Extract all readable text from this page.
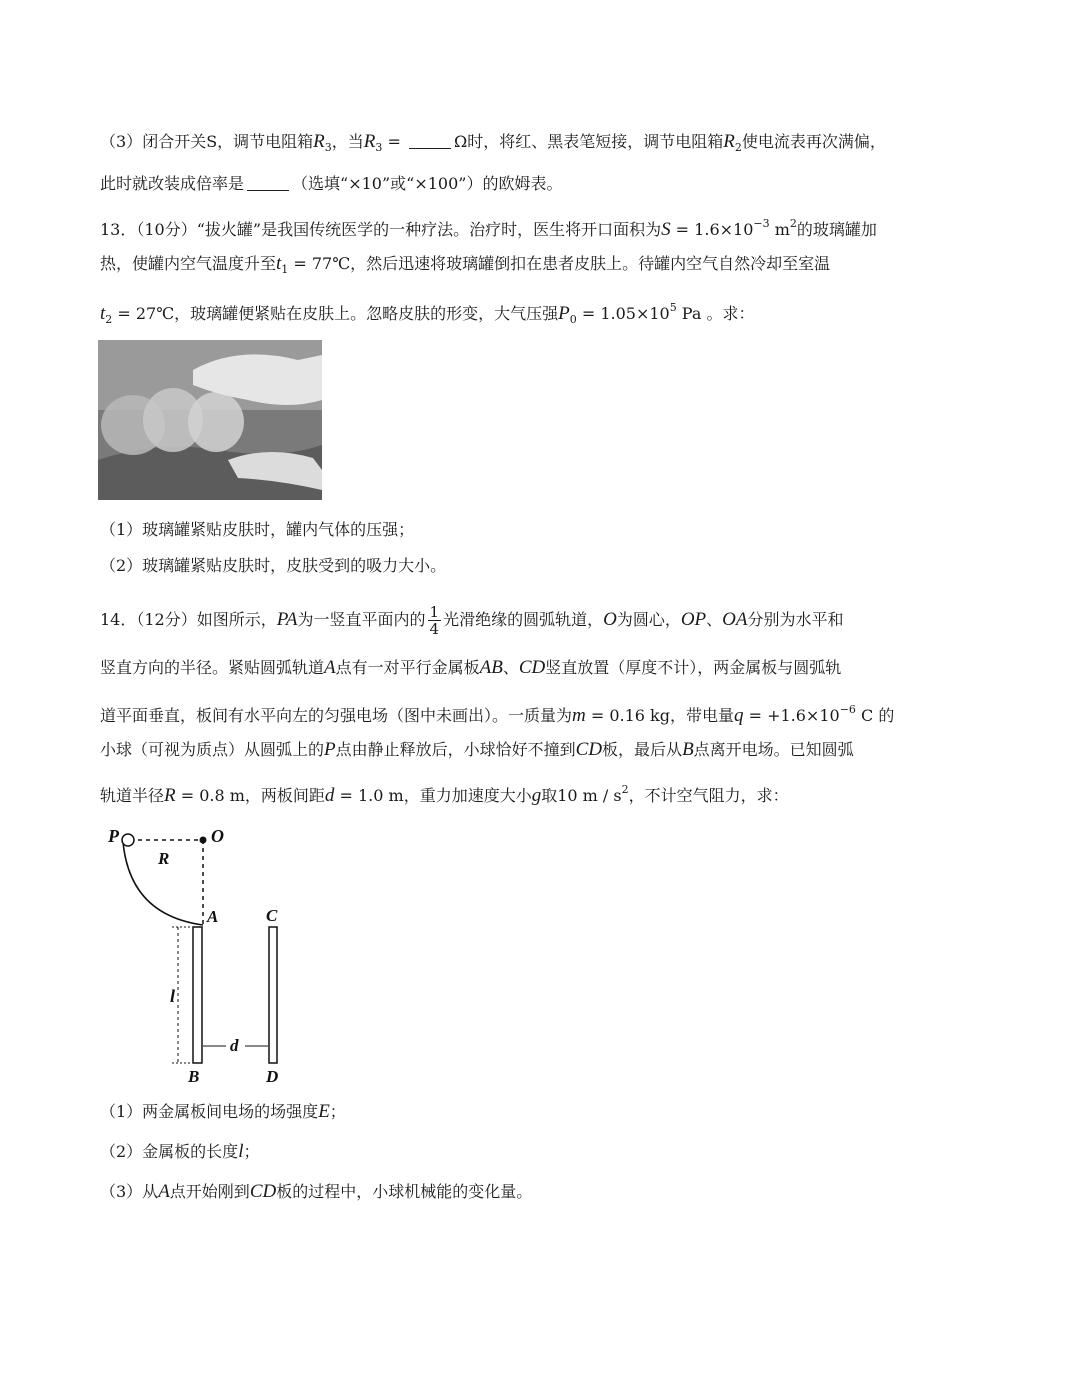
（3）闭合开关S，调节电阻箱$R_3$，当$R_3$ =	Ω时，将红、黑表笔短接，调节电阻箱$R_2$使电流表再次满偏，
此时就改装成倍率是	（选填“×10”或“×100”）的欧姆表。
13．（10分）“拔火罐”是我国传统医学的一种疗法。治疗时，医生将开口面积为$S = 1.6\times 10^{-3}$ $m^2$的玻璃罐加
热，使罐内空气温度升至$t_1$ = 77℃，然后迅速将玻璃罐倒扣在患者皮肤上。待罐内空气自然冷却至室温
$t_2$ = 27℃，玻璃罐便紧贴在皮肤上。忽略皮肤的形变，大气压强$P_0 = 1.05\times 10^5$ Pa 。求：
（1）玻璃罐紧贴皮肤时，罐内气体的压强；
（2）玻璃罐紧贴皮肤时，皮肤受到的吸力大小。
14．（12分）如图所示，PA为一竖直平面内的 $\frac{1}{4}$ 光滑绝缘的圆弧轨道，O为圆心，OP、OA分别为水平和
竖直方向的半径。紧贴圆弧轨道A点有一对平行金属板AB、CD竖直放置（厚度不计），两金属板与圆弧轨
道平面垂直，板间有水平向左的匀强电场（图中未画出）。一质量为m = 0.16 kg，带电量$q = +1.6\times 10^{-6}$ C 的
小球（可视为质点）从圆弧上的P点由静止释放后，小球恰好不撞到CD板，最后从B点离开电场。已知圆弧
轨道半径R = 0.8 m，两板间距d = 1.0 m，重力加速度大小g取10 m / $s^2$，不计空气阻力，求：
P	O
R
A	C
l
d
B	D
（1）两金属板间电场的场强度E；
（2）金属板的长度l；
（3）从A点开始刚到CD板的过程中，小球机械能的变化量。
